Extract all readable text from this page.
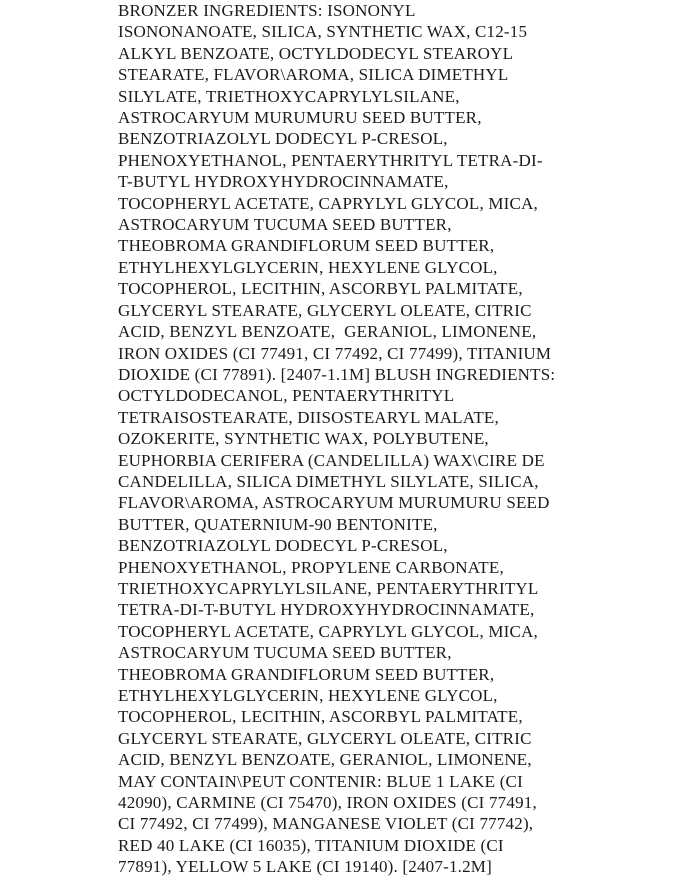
BRONZER INGREDIENTS: ISONONYL
ISONONANOATE, SILICA, SYNTHETIC WAX, C12-15
ALKYL BENZOATE, OCTYLDODECYL STEAROYL
STEARATE, FLAVOR\AROMA, SILICA DIMETHYL
SILYLATE, TRIETHOXYCAPRYLYLSILANE,
ASTROCARYUM MURUMURU SEED BUTTER,
BENZOTRIAZOLYL DODECYL P-CRESOL,
PHENOXYETHANOL, PENTAERYTHRITYL TETRA-DI-
T-BUTYL HYDROXYHYDROCINNAMATE,
TOCOPHERYL ACETATE, CAPRYLYL GLYCOL, MICA,
ASTROCARYUM TUCUMA SEED BUTTER,
THEOBROMA GRANDIFLORUM SEED BUTTER,
ETHYLHEXYLGLYCERIN, HEXYLENE GLYCOL,
TOCOPHEROL, LECITHIN, ASCORBYL PALMITATE,
GLYCERYL STEARATE, GLYCERYL OLEATE, CITRIC
ACID, BENZYL BENZOATE,  GERANIOL, LIMONENE,
IRON OXIDES (CI 77491, CI 77492, CI 77499), TITANIUM
DIOXIDE (CI 77891). [2407-1.1M] BLUSH INGREDIENTS:
OCTYLDODECANOL, PENTAERYTHRITYL
TETRAISOSTEARATE, DIISOSTEARYL MALATE,
OZOKERITE, SYNTHETIC WAX, POLYBUTENE,
EUPHORBIA CERIFERA (CANDELILLA) WAX\CIRE DE
CANDELILLA, SILICA DIMETHYL SILYLATE, SILICA,
FLAVOR\AROMA, ASTROCARYUM MURUMURU SEED
BUTTER, QUATERNIUM-90 BENTONITE,
BENZOTRIAZOLYL DODECYL P-CRESOL,
PHENOXYETHANOL, PROPYLENE CARBONATE,
TRIETHOXYCAPRYLYLSILANE, PENTAERYTHRITYL
TETRA-DI-T-BUTYL HYDROXYHYDROCINNAMATE,
TOCOPHERYL ACETATE, CAPRYLYL GLYCOL, MICA,
ASTROCARYUM TUCUMA SEED BUTTER,
THEOBROMA GRANDIFLORUM SEED BUTTER,
ETHYLHEXYLGLYCERIN, HEXYLENE GLYCOL,
TOCOPHEROL, LECITHIN, ASCORBYL PALMITATE,
GLYCERYL STEARATE, GLYCERYL OLEATE, CITRIC
ACID, BENZYL BENZOATE, GERANIOL, LIMONENE,
MAY CONTAIN\PEUT CONTENIR: BLUE 1 LAKE (CI
42090), CARMINE (CI 75470), IRON OXIDES (CI 77491,
CI 77492, CI 77499), MANGANESE VIOLET (CI 77742),
RED 40 LAKE (CI 16035), TITANIUM DIOXIDE (CI
77891), YELLOW 5 LAKE (CI 19140). [2407-1.2M]
